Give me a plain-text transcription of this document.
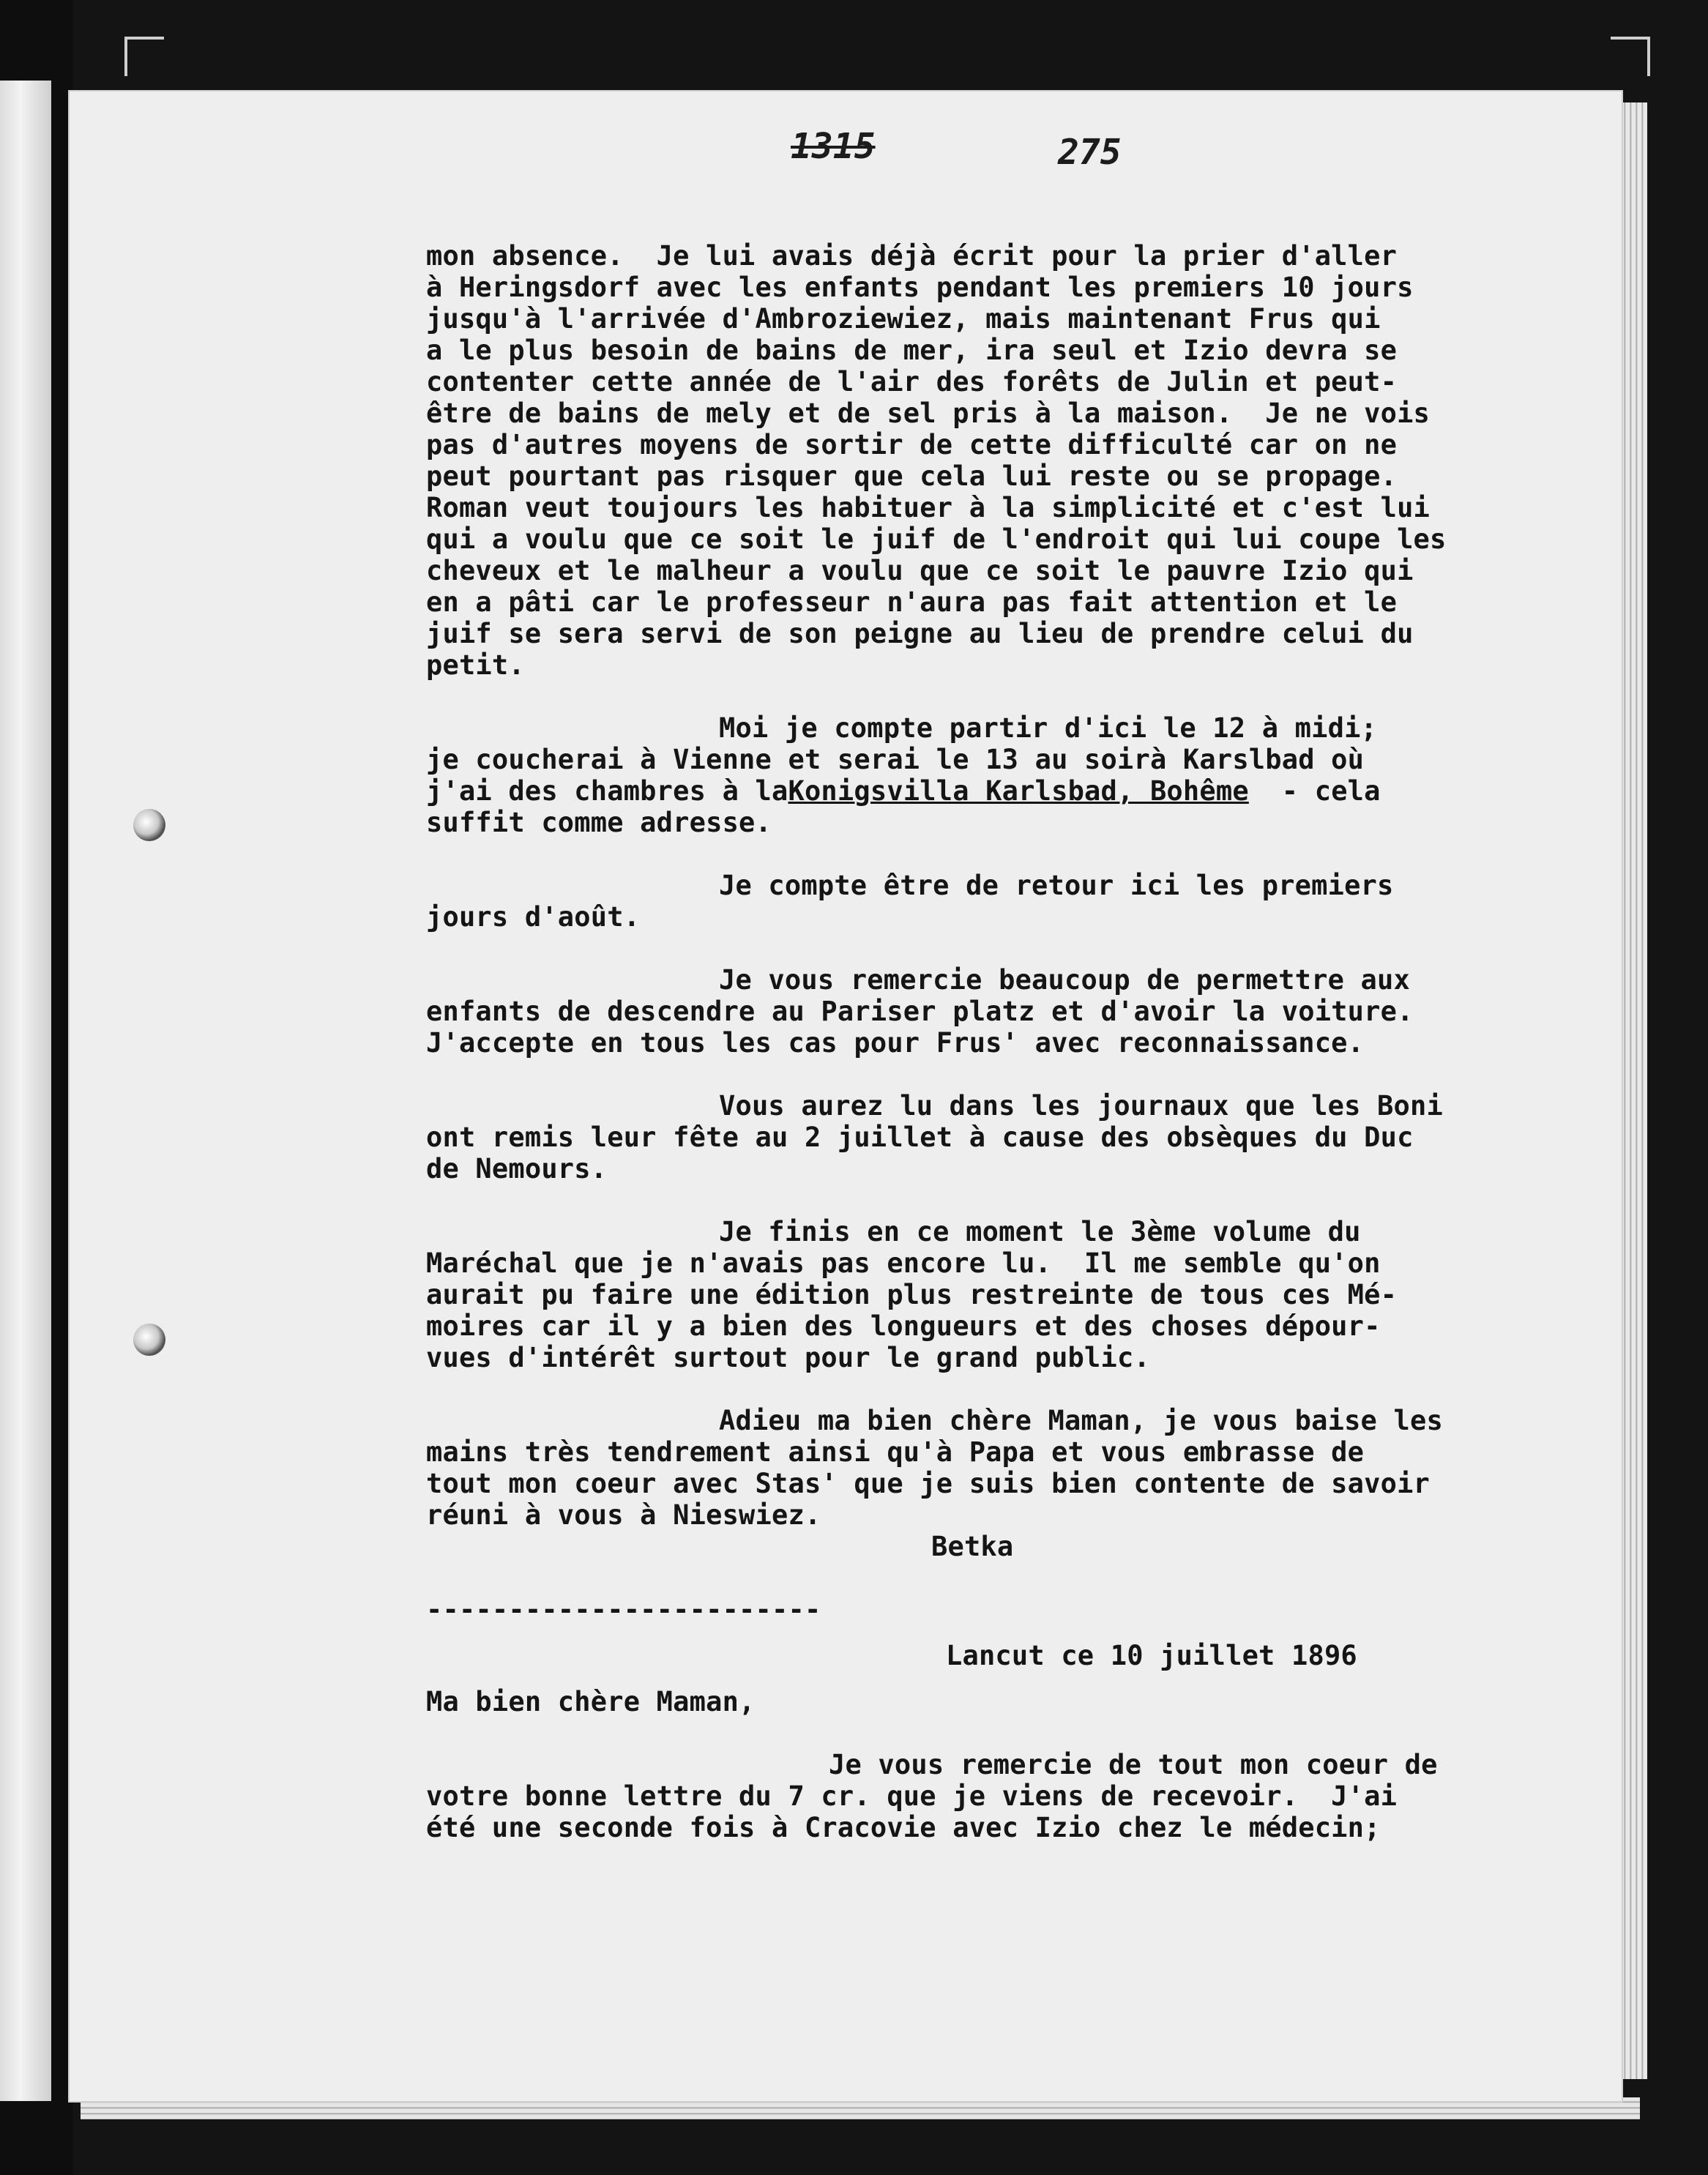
1315	275
mon absence.  Je lui avais déjà écrit pour la prier d'aller
à Heringsdorf avec les enfants pendant les premiers 10 jours
jusqu'à l'arrivée d'Ambroziewiez, mais maintenant Frus qui
a le plus besoin de bains de mer, ira seul et Izio devra se
contenter cette année de l'air des forêts de Julin et peut-
être de bains de mely et de sel pris à la maison.  Je ne vois
pas d'autres moyens de sortir de cette difficulté car on ne
peut pourtant pas risquer que cela lui reste ou se propage.
Roman veut toujours les habituer à la simplicité et c'est lui
qui a voulu que ce soit le juif de l'endroit qui lui coupe les
cheveux et le malheur a voulu que ce soit le pauvre Izio qui
en a pâti car le professeur n'aura pas fait attention et le
juif se sera servi de son peigne au lieu de prendre celui du
petit.
Moi je compte partir d'ici le 12 à midi;
je coucherai à Vienne et serai le 13 au soirà Karslbad où
j'ai des chambres à laKonigsvilla Karlsbad, Bohême  - cela
suffit comme adresse.
Je compte être de retour ici les premiers
jours d'août.
Je vous remercie beaucoup de permettre aux
enfants de descendre au Pariser platz et d'avoir la voiture.
J'accepte en tous les cas pour Frus' avec reconnaissance.
Vous aurez lu dans les journaux que les Boni
ont remis leur fête au 2 juillet à cause des obsèques du Duc
de Nemours.
Je finis en ce moment le 3ème volume du
Maréchal que je n'avais pas encore lu.  Il me semble qu'on
aurait pu faire une édition plus restreinte de tous ces Mé-
moires car il y a bien des longueurs et des choses dépour-
vues d'intérêt surtout pour le grand public.
Adieu ma bien chère Maman, je vous baise les
mains très tendrement ainsi qu'à Papa et vous embrasse de
tout mon coeur avec Stas' que je suis bien contente de savoir
réuni à vous à Nieswiez.
Betka
------------------------
Lancut ce 10 juillet 1896
Ma bien chère Maman,
Je vous remercie de tout mon coeur de
votre bonne lettre du 7 cr. que je viens de recevoir.  J'ai
été une seconde fois à Cracovie avec Izio chez le médecin;
